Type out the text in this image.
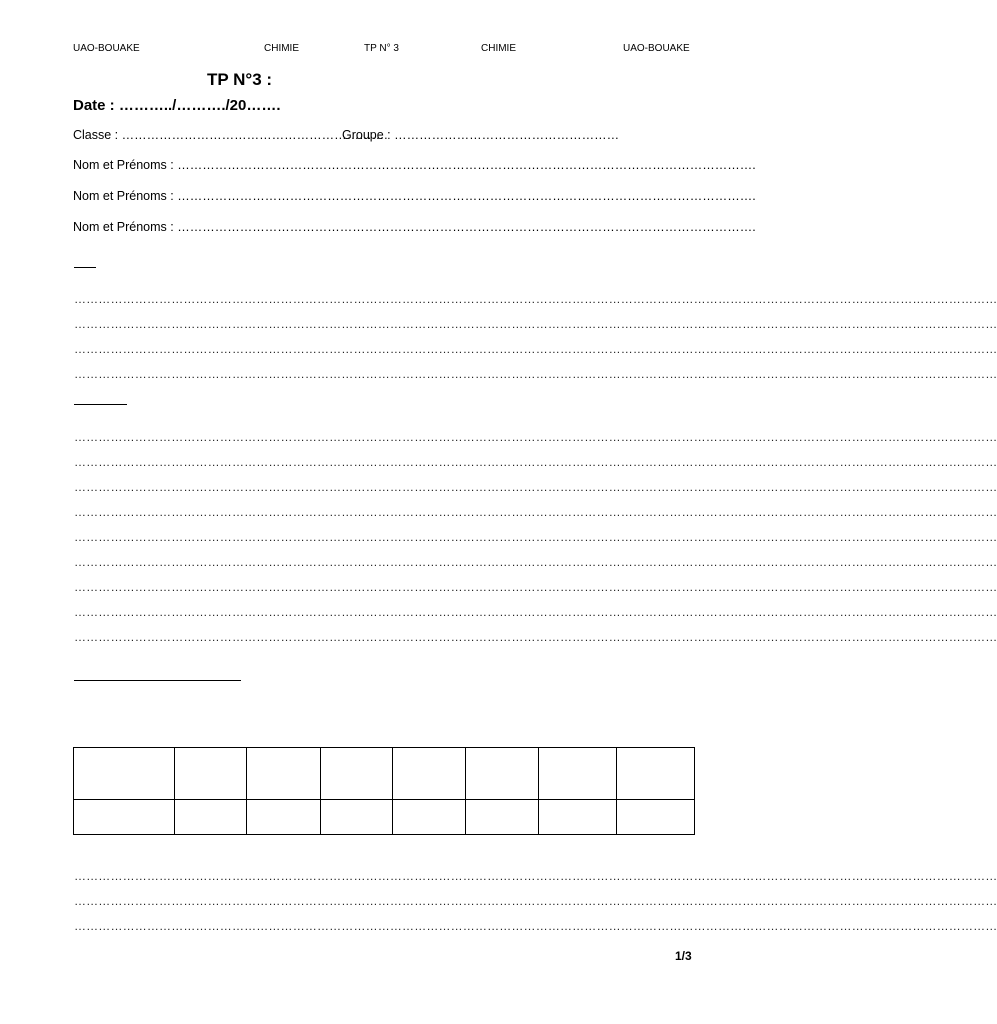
UAO-BOUAKE	CHIMIE	TP N° 3	CHIMIE	UAO-BOUAKE
TP N°3 :
Date : ………../………./20…….
Classe : ……………………………………………………….
Groupe : ………………………………………………
Nom et Prénoms : ………………………………………………………………………………………………………………………….
Nom et Prénoms : ………………………………………………………………………………………………………………………….
Nom et Prénoms : ………………………………………………………………………………………………………………………….
…………………………………………………………………………………………………………………………………………………………………………………………………………
…………………………………………………………………………………………………………………………………………………………………………………………………………
…………………………………………………………………………………………………………………………………………………………………………………………………………
…………………………………………………………………………………………………………………………………………………………………………………………………………
…………………………………………………………………………………………………………………………………………………………………………………………………………
…………………………………………………………………………………………………………………………………………………………………………………………………………
…………………………………………………………………………………………………………………………………………………………………………………………………………
…………………………………………………………………………………………………………………………………………………………………………………………………………
…………………………………………………………………………………………………………………………………………………………………………………………………………
…………………………………………………………………………………………………………………………………………………………………………………………………………
…………………………………………………………………………………………………………………………………………………………………………………………………………
…………………………………………………………………………………………………………………………………………………………………………………………………………
…………………………………………………………………………………………………………………………………………………………………………………………………………

…………………………………………………………………………………………………………………………………………………………………………………………………………
…………………………………………………………………………………………………………………………………………………………………………………………………………
…………………………………………………………………………………………………………………………………………………………………………………………………………
1/3
